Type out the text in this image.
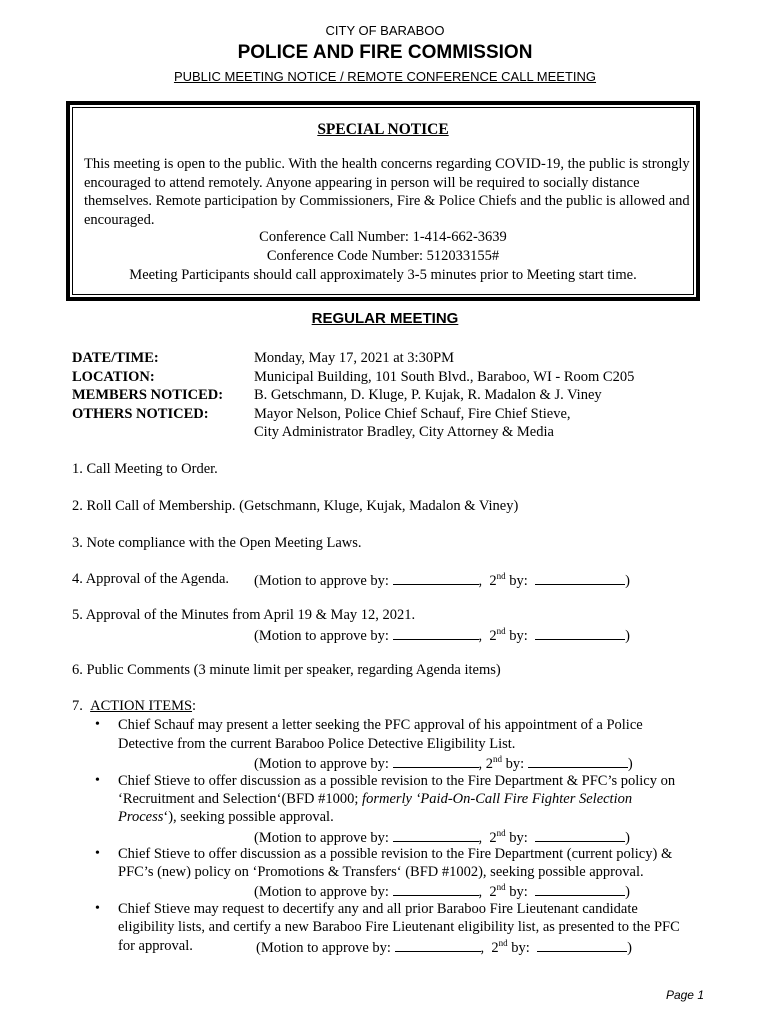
CITY OF BARABOO
POLICE AND FIRE COMMISSION
PUBLIC MEETING NOTICE / REMOTE CONFERENCE CALL MEETING
SPECIAL NOTICE
This meeting is open to the public. With the health concerns regarding COVID-19, the public is strongly encouraged to attend remotely. Anyone appearing in person will be required to socially distance themselves. Remote participation by Commissioners, Fire & Police Chiefs and the public is allowed and encouraged.
Conference Call Number: 1-414-662-3639
Conference Code Number: 512033155#
Meeting Participants should call approximately 3-5 minutes prior to Meeting start time.
REGULAR MEETING
DATE/TIME:	Monday, May 17, 2021 at 3:30PM
LOCATION:	Municipal Building, 101 South Blvd., Baraboo, WI - Room C205
MEMBERS NOTICED: B. Getschmann, D. Kluge, P. Kujak, R. Madalon & J. Viney
OTHERS NOTICED:	Mayor Nelson, Police Chief Schauf, Fire Chief Stieve,
City Administrator Bradley, City Attorney & Media
1. Call Meeting to Order.
2. Roll Call of Membership. (Getschmann, Kluge, Kujak, Madalon & Viney)
3. Note compliance with the Open Meeting Laws.
4. Approval of the Agenda. (Motion to approve by:	, 2nd by:	)
5. Approval of the Minutes from April 19 & May 12, 2021.
(Motion to approve by:	, 2nd by:	)
6. Public Comments (3 minute limit per speaker, regarding Agenda items)
7. ACTION ITEMS:
• Chief Schauf may present a letter seeking the PFC approval of his appointment of a Police
Detective from the current Baraboo Police Detective Eligibility List.
(Motion to approve by:	, 2nd by:	)
• Chief Stieve to offer discussion as a possible revision to the Fire Department & PFC’s policy on
‘Recruitment and Selection‘(BFD #1000; formerly ‘Paid-On-Call Fire Fighter Selection
Process‘), seeking possible approval.
(Motion to approve by:	, 2nd by:	)
• Chief Stieve to offer discussion as a possible revision to the Fire Department (current policy) &
PFC’s (new) policy on ‘Promotions & Transfers‘ (BFD #1002), seeking possible approval.
(Motion to approve by:	, 2nd by:	)
• Chief Stieve may request to decertify any and all prior Baraboo Fire Lieutenant candidate
eligibility lists, and certify a new Baraboo Fire Lieutenant eligibility list, as presented to the PFC
for approval.	(Motion to approve by:	, 2nd by:	)
Page 1
